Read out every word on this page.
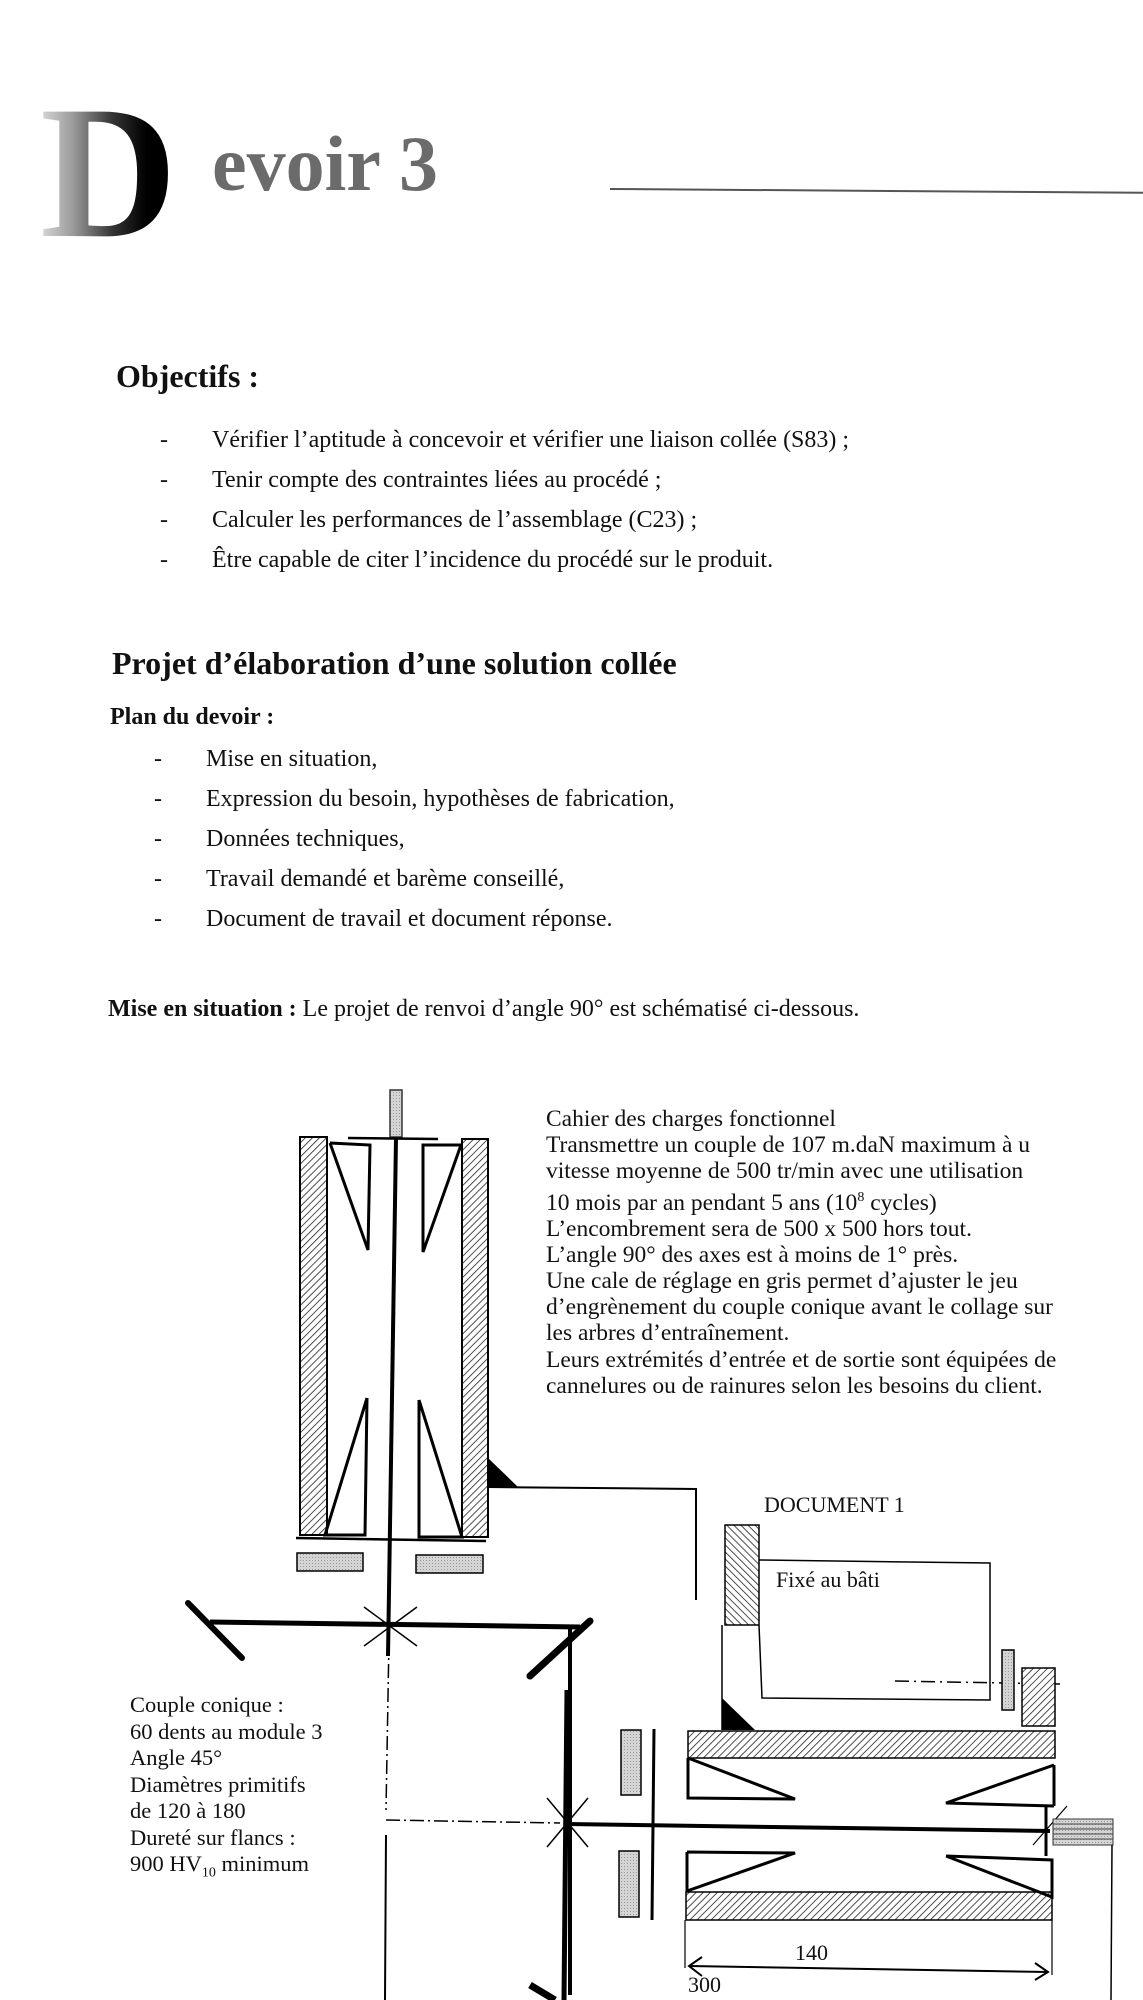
D evoir 3
Objectifs :
- Vérifier l’aptitude à concevoir et vérifier une liaison collée (S83) ;
- Tenir compte des contraintes liées au procédé ;
- Calculer les performances de l’assemblage (C23) ;
- Être capable de citer l’incidence du procédé sur le produit.
Projet d’élaboration d’une solution collée
Plan du devoir :
- Mise en situation,
- Expression du besoin, hypothèses de fabrication,
- Données techniques,
- Travail demandé et barème conseillé,
- Document de travail et document réponse.
Mise en situation : Le projet de renvoi d’angle 90° est schématisé ci-dessous.
Cahier des charges fonctionnel
Transmettre un couple de 107 m.daN maximum à u
vitesse moyenne de 500 tr/min avec une utilisation
10 mois par an pendant 5 ans ($10^8$ cycles)
L’encombrement sera de 500 x 500 hors tout.
L’angle 90° des axes est à moins de 1° près.
Une cale de réglage en gris permet d’ajuster le jeu
d’engrènement du couple conique avant le collage sur
les arbres d’entraînement.
Leurs extrémités d’entrée et de sortie sont équipées de
cannelures ou de rainures selon les besoins du client.
DOCUMENT 1
Fixé au bâti
Couple conique :
60 dents au module 3
Angle 45°
Diamètres primitifs
de 120 à 180
Dureté sur flancs :
900 $HV_{10}$ minimum
140
300
